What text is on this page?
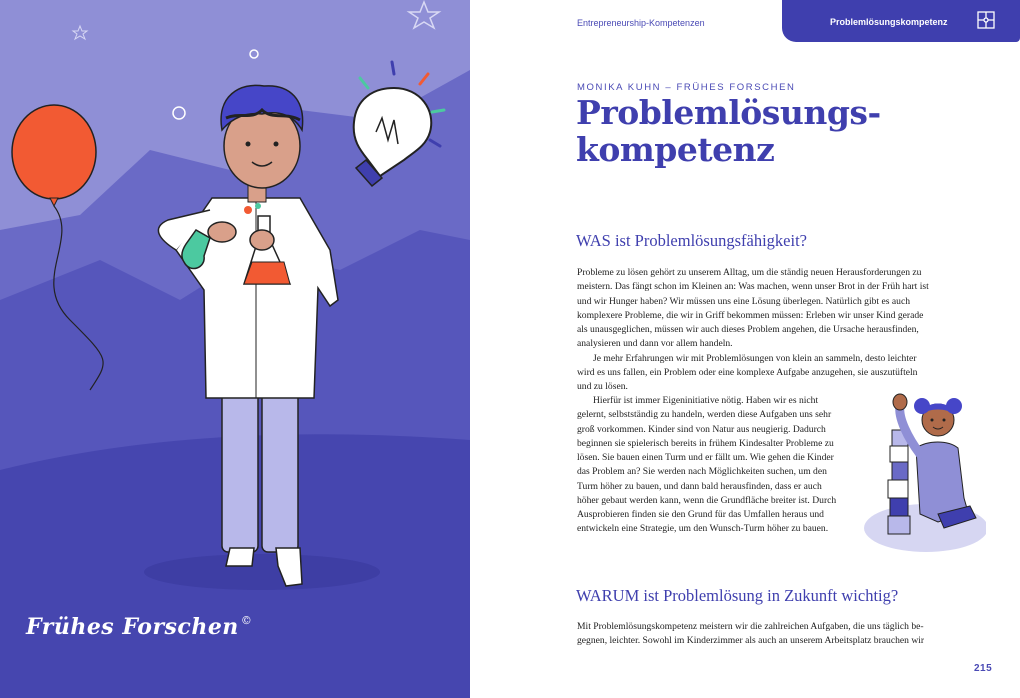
Frühes Forschen ©
Entrepreneurship-Kompetenzen	Problemlösungskompetenz
MONIKA KUHN – FRÜHES FORSCHEN
Problemlösungs-
kompetenz
WAS ist Problemlösungsfähigkeit?

Probleme zu lösen gehört zu unserem Alltag, um die ständig neuen Herausforderungen zu meistern. Das fängt schon im Kleinen an: Was machen, wenn unser Brot in der Früh hart ist und wir Hunger haben? Wir müssen uns eine Lösung überlegen. Natürlich gibt es auch komplexere Probleme, die wir in Griff bekommen müssen: Erleben wir unser Kind gerade als unausgeglichen, müssen wir auch dieses Problem angehen, die Ursache herausfinden, analysieren und dann vor allem handeln.

Je mehr Erfahrungen wir mit Problemlösungen von klein an sammeln, desto leichter wird es uns fallen, ein Problem oder eine komplexe Aufgabe anzugehen, sie auszutüfteln und zu lösen.

Hierfür ist immer Eigeninitiative nötig. Haben wir es nicht gelernt, selbstständig zu handeln, werden diese Aufgaben uns sehr groß vorkommen. Kinder sind von Natur aus neugierig. Dadurch beginnen sie spielerisch bereits in frühem Kindesalter Probleme zu lösen. Sie bauen einen Turm und er fällt um. Wie gehen die Kinder das Problem an? Sie werden nach Möglichkeiten suchen, um den Turm höher zu bauen, und dann bald herausfinden, dass er auch höher gebaut werden kann, wenn die Grundfläche breiter ist. Durch Ausprobieren finden sie den Grund für das Umfallen heraus und entwickeln eine Strategie, um den Wunsch-Turm höher zu bauen.

WARUM ist Problemlösung in Zukunft wichtig?

Mit Problemlösungskompetenz meistern wir die zahlreichen Aufgaben, die uns täglich be-gegnen, leichter. Sowohl im Kinderzimmer als auch an unserem Arbeitsplatz brauchen wir

215
